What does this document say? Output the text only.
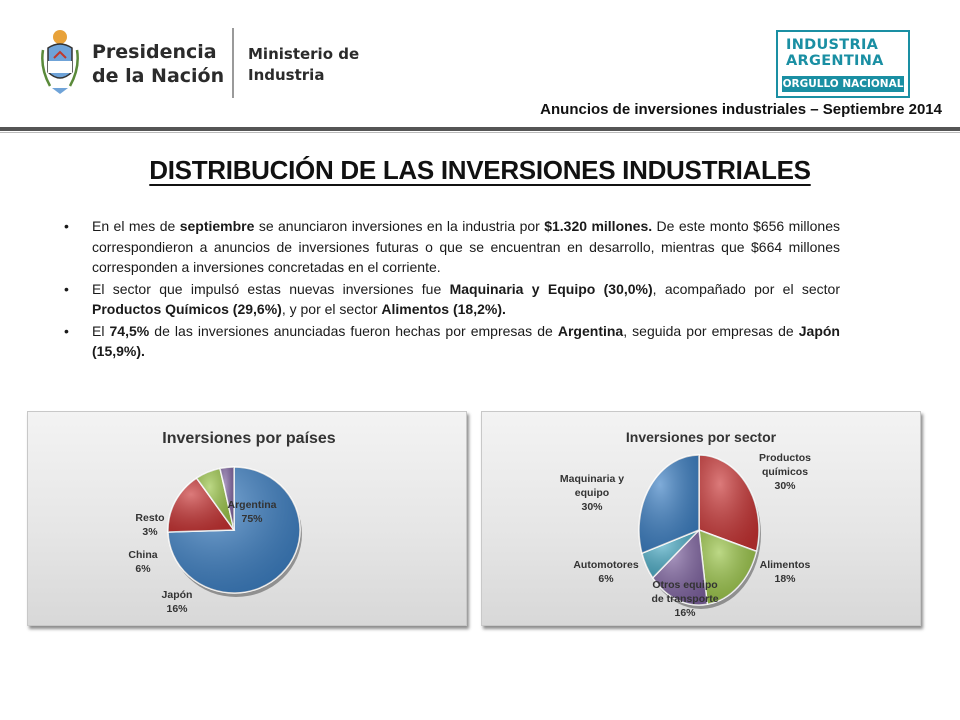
Presidencia
de la Nación
Ministerio de
Industria
INDUSTRIA
ARGENTINA
ORGULLO NACIONAL
Anuncios de inversiones industriales – Septiembre 2014
DISTRIBUCIÓN DE LAS INVERSIONES INDUSTRIALES
• En el mes de septiembre se anunciaron inversiones en la industria por $1.320 millones. De este monto $656 millones correspondieron a anuncios de inversiones futuras o que se encuentran en desarrollo, mientras que $664 millones corresponden a inversiones concretadas en el corriente.
• El sector que impulsó estas nuevas inversiones fue Maquinaria y Equipo (30,0%), acompañado por el sector Productos Químicos (29,6%), y por el sector Alimentos (18,2%).
• El 74,5% de las inversiones anunciadas fueron hechas por empresas de Argentina, seguida por empresas de Japón (15,9%).
Inversiones por países
Argentina 75%
Japón 16%
China 6%
Resto 3%
Inversiones por sector
Productos químicos 30%
Alimentos 18%
Otros equipo de transporte 16%
Automotores 6%
Maquinaria y equipo 30%
